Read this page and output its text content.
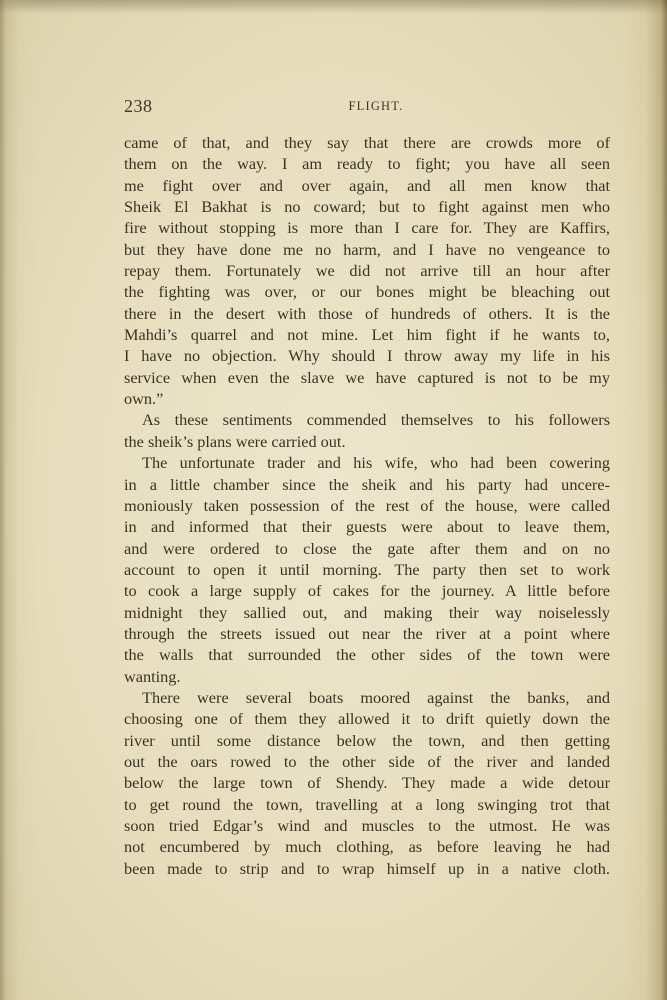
238	FLIGHT.

came of that, and they say that there are crowds more of

them on the way. I am ready to fight; you have all seen

me fight over and over again, and all men know that

Sheik El Bakhat is no coward; but to fight against men who

fire without stopping is more than I care for. They are Kaffirs,

but they have done me no harm, and I have no vengeance to

repay them. Fortunately we did not arrive till an hour after

the fighting was over, or our bones might be bleaching out

there in the desert with those of hundreds of others. It is the

Mahdi’s quarrel and not mine. Let him fight if he wants to,

I have no objection. Why should I throw away my life in his

service when even the slave we have captured is not to be my

own.”

As these sentiments commended themselves to his followers

the sheik’s plans were carried out.

The unfortunate trader and his wife, who had been cowering

in a little chamber since the sheik and his party had uncere-

moniously taken possession of the rest of the house, were called

in and informed that their guests were about to leave them,

and were ordered to close the gate after them and on no

account to open it until morning. The party then set to work

to cook a large supply of cakes for the journey. A little before

midnight they sallied out, and making their way noiselessly

through the streets issued out near the river at a point where

the walls that surrounded the other sides of the town were

wanting.

There were several boats moored against the banks, and

choosing one of them they allowed it to drift quietly down the

river until some distance below the town, and then getting

out the oars rowed to the other side of the river and landed

below the large town of Shendy. They made a wide detour

to get round the town, travelling at a long swinging trot that

soon tried Edgar’s wind and muscles to the utmost. He was

not encumbered by much clothing, as before leaving he had

been made to strip and to wrap himself up in a native cloth.
